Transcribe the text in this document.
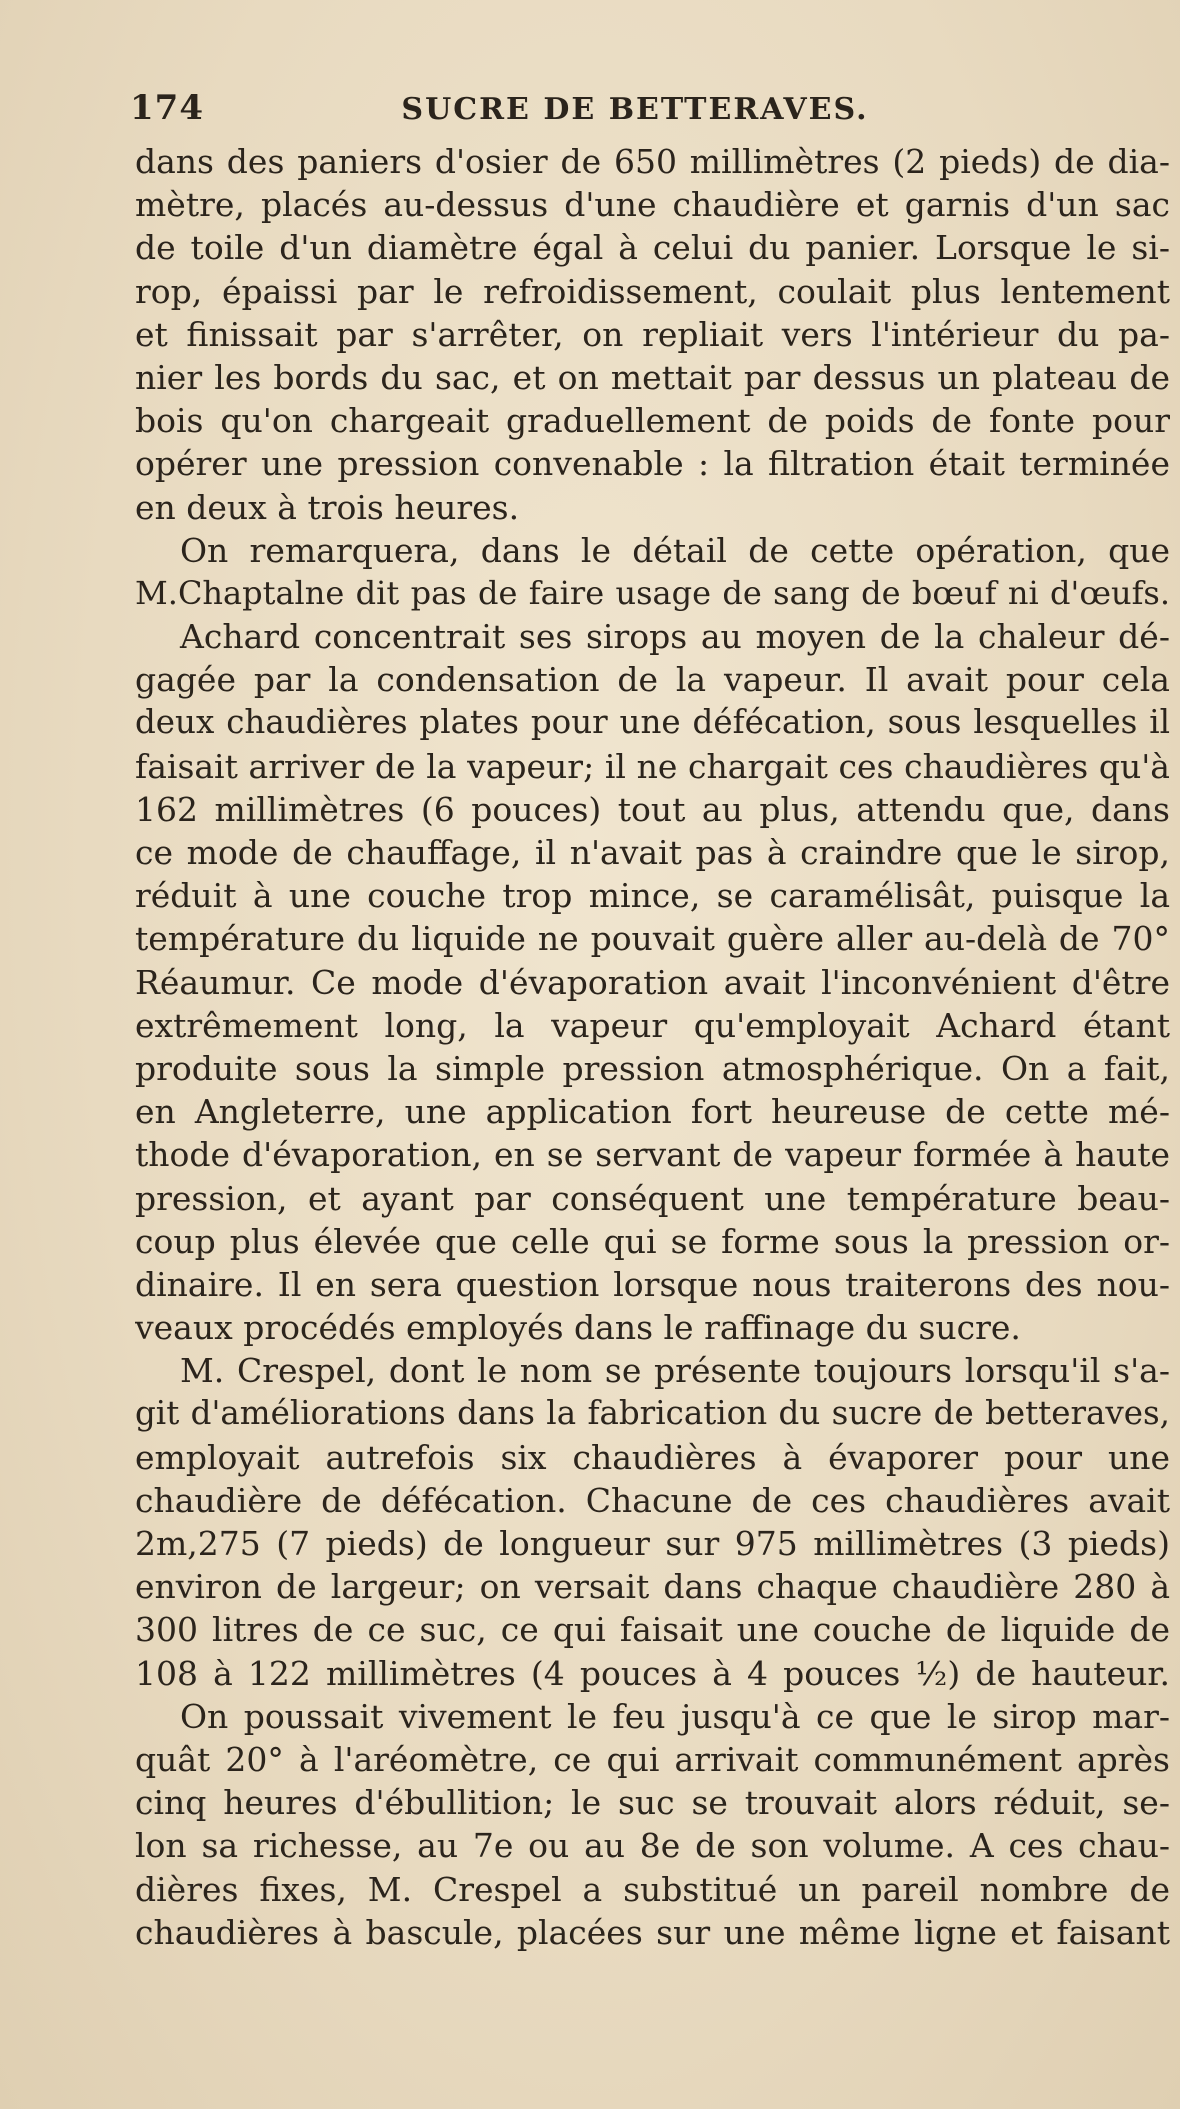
174	SUCRE DE BETTERAVES.
dans des paniers d'osier de 650 millimètres (2 pieds) de dia-
mètre, placés au-dessus d'une chaudière et garnis d'un sac
de toile d'un diamètre égal à celui du panier. Lorsque le si-
rop, épaissi par le refroidissement, coulait plus lentement
et finissait par s'arrêter, on repliait vers l'intérieur du pa-
nier les bords du sac, et on mettait par dessus un plateau de
bois qu'on chargeait graduellement de poids de fonte pour
opérer une pression convenable : la filtration était terminée
en deux à trois heures.
On remarquera, dans le détail de cette opération, que
M.Chaptalne dit pas de faire usage de sang de bœuf ni d'œufs.
Achard concentrait ses sirops au moyen de la chaleur dé-
gagée par la condensation de la vapeur. Il avait pour cela
deux chaudières plates pour une défécation, sous lesquelles il
faisait arriver de la vapeur; il ne chargait ces chaudières qu'à
162 millimètres (6 pouces) tout au plus, attendu que, dans
ce mode de chauffage, il n'avait pas à craindre que le sirop,
réduit à une couche trop mince, se caramélisât, puisque la
température du liquide ne pouvait guère aller au-delà de 70°
Réaumur. Ce mode d'évaporation avait l'inconvénient d'être
extrêmement long, la vapeur qu'employait Achard étant
produite sous la simple pression atmosphérique. On a fait,
en Angleterre, une application fort heureuse de cette mé-
thode d'évaporation, en se servant de vapeur formée à haute
pression, et ayant par conséquent une température beau-
coup plus élevée que celle qui se forme sous la pression or-
dinaire. Il en sera question lorsque nous traiterons des nou-
veaux procédés employés dans le raffinage du sucre.
M. Crespel, dont le nom se présente toujours lorsqu'il s'a-
git d'améliorations dans la fabrication du sucre de betteraves,
employait autrefois six chaudières à évaporer pour une
chaudière de défécation. Chacune de ces chaudières avait
2m,275 (7 pieds) de longueur sur 975 millimètres (3 pieds)
environ de largeur; on versait dans chaque chaudière 280 à
300 litres de ce suc, ce qui faisait une couche de liquide de
108 à 122 millimètres (4 pouces à 4 pouces ½) de hauteur.
On poussait vivement le feu jusqu'à ce que le sirop mar-
quât 20° à l'aréomètre, ce qui arrivait communément après
cinq heures d'ébullition; le suc se trouvait alors réduit, se-
lon sa richesse, au 7e ou au 8e de son volume. A ces chau-
dières fixes, M. Crespel a substitué un pareil nombre de
chaudières à bascule, placées sur une même ligne et faisant
